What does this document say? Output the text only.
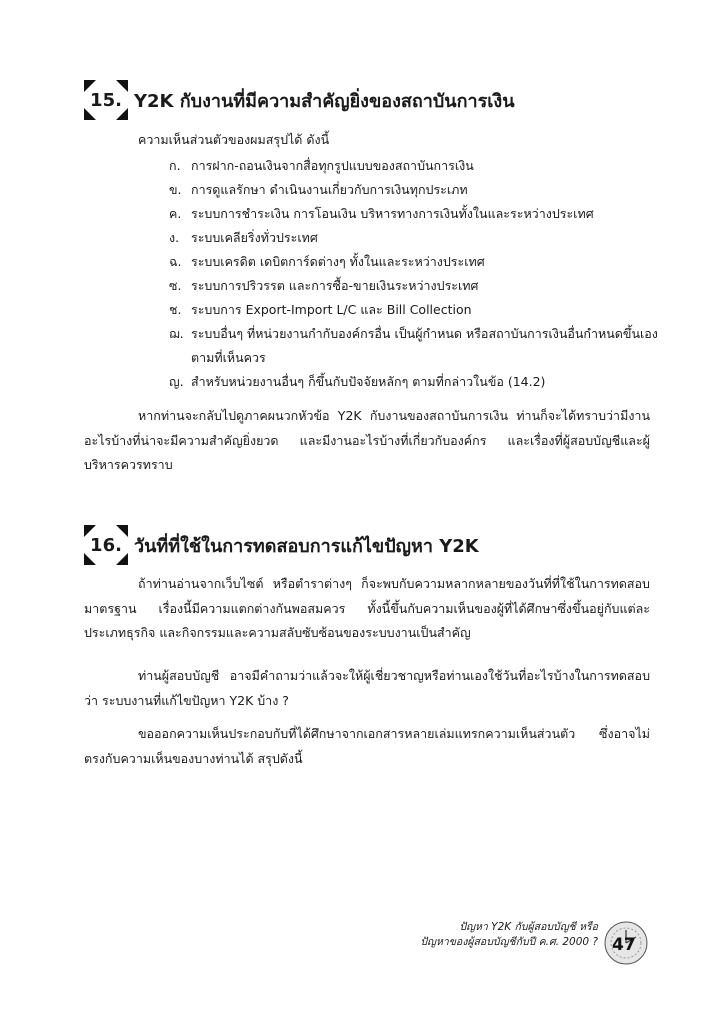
15. Y2K กับงานที่มีความสำคัญยิ่งของสถาบันการเงิน
ความเห็นส่วนตัวของผมสรุปได้ ดังนี้
ก. การฝาก-ถอนเงินจากสื่อทุกรูปแบบของสถาบันการเงิน
ข. การดูแลรักษา ดำเนินงานเกี่ยวกับการเงินทุกประเภท
ค. ระบบการชำระเงิน การโอนเงิน บริหารทางการเงินทั้งในและระหว่างประเทศ
ง. ระบบเคลียริ่งทั่วประเทศ
ฉ. ระบบเครดิต เดบิตการ์ดต่างๆ ทั้งในและระหว่างประเทศ
ซ. ระบบการปริวรรต และการซื้อ-ขายเงินระหว่างประเทศ
ช. ระบบการ Export-Import L/C และ Bill Collection
ฌ. ระบบอื่นๆ ที่หน่วยงานกำกับองค์กรอื่น เป็นผู้กำหนด หรือสถาบันการเงินอื่นกำหนดขึ้นเองตามที่เห็นควร
ญ. สำหรับหน่วยงานอื่นๆ ก็ขึ้นกับปัจจัยหลักๆ ตามที่กล่าวในข้อ (14.2)

หากท่านจะกลับไปดูภาคผนวกหัวข้อ Y2K กับงานของสถาบันการเงิน ท่านก็จะได้ทราบว่ามีงานอะไรบ้างที่น่าจะมีความสำคัญยิ่งยวด และมีงานอะไรบ้างที่เกี่ยวกับองค์กร และเรื่องที่ผู้สอบบัญชีและผู้บริหารควรทราบ

16. วันที่ที่ใช้ในการทดสอบการแก้ไขปัญหา Y2K

ถ้าท่านอ่านจากเว็บไซต์ หรือตำราต่างๆ ก็จะพบกับความหลากหลายของวันที่ที่ใช้ในการทดสอบมาตรฐาน เรื่องนี้มีความแตกต่างกันพอสมควร ทั้งนี้ขึ้นกับความเห็นของผู้ที่ได้ศึกษาซึ่งขึ้นอยู่กับแต่ละประเภทธุรกิจ และกิจกรรมและความสลับซับซ้อนของระบบงานเป็นสำคัญ

ท่านผู้สอบบัญชี อาจมีคำถามว่าแล้วจะให้ผู้เชี่ยวชาญหรือท่านเองใช้วันที่อะไรบ้างในการทดสอบว่า ระบบงานที่แก้ไขปัญหา Y2K บ้าง ?

ขอออกความเห็นประกอบกับที่ได้ศึกษาจากเอกสารหลายเล่มแทรกความเห็นส่วนตัว ซึ่งอาจไม่ตรงกับความเห็นของบางท่านได้ สรุปดังนี้

ปัญหา Y2K กับผู้สอบบัญชี หรือ
ปัญหาของผู้สอบบัญชีกับปี ค.ศ. 2000 ? 47
